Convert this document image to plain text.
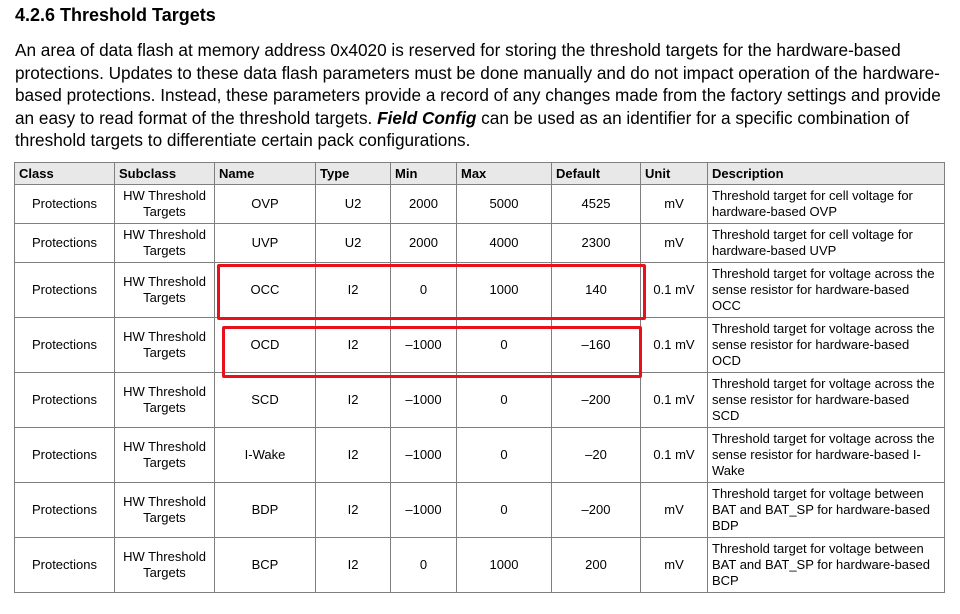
4.2.6 Threshold Targets

An area of data flash at memory address 0x4020 is reserved for storing the threshold targets for the hardware-based protections. Updates to these data flash parameters must be done manually and do not impact operation of the hardware-based protections. Instead, these parameters provide a record of any changes made from the factory settings and provide an easy to read format of the threshold targets. Field Config can be used as an identifier for a specific combination of threshold targets to differentiate certain pack configurations.

Class	Subclass	Name	Type	Min	Max	Default	Unit	Description
Protections	HW Threshold Targets	OVP	U2	2000	5000	4525	mV	Threshold target for cell voltage for hardware-based OVP
Protections	HW Threshold Targets	UVP	U2	2000	4000	2300	mV	Threshold target for cell voltage for hardware-based UVP
Protections	HW Threshold Targets	OCC	I2	0	1000	140	0.1 mV	Threshold target for voltage across the sense resistor for hardware-based OCC
Protections	HW Threshold Targets	OCD	I2	–1000	0	–160	0.1 mV	Threshold target for voltage across the sense resistor for hardware-based OCD
Protections	HW Threshold Targets	SCD	I2	–1000	0	–200	0.1 mV	Threshold target for voltage across the sense resistor for hardware-based SCD
Protections	HW Threshold Targets	I-Wake	I2	–1000	0	–20	0.1 mV	Threshold target for voltage across the sense resistor for hardware-based I-Wake
Protections	HW Threshold Targets	BDP	I2	–1000	0	–200	mV	Threshold target for voltage between BAT and BAT_SP for hardware-based BDP
Protections	HW Threshold Targets	BCP	I2	0	1000	200	mV	Threshold target for voltage between BAT and BAT_SP for hardware-based BCP
